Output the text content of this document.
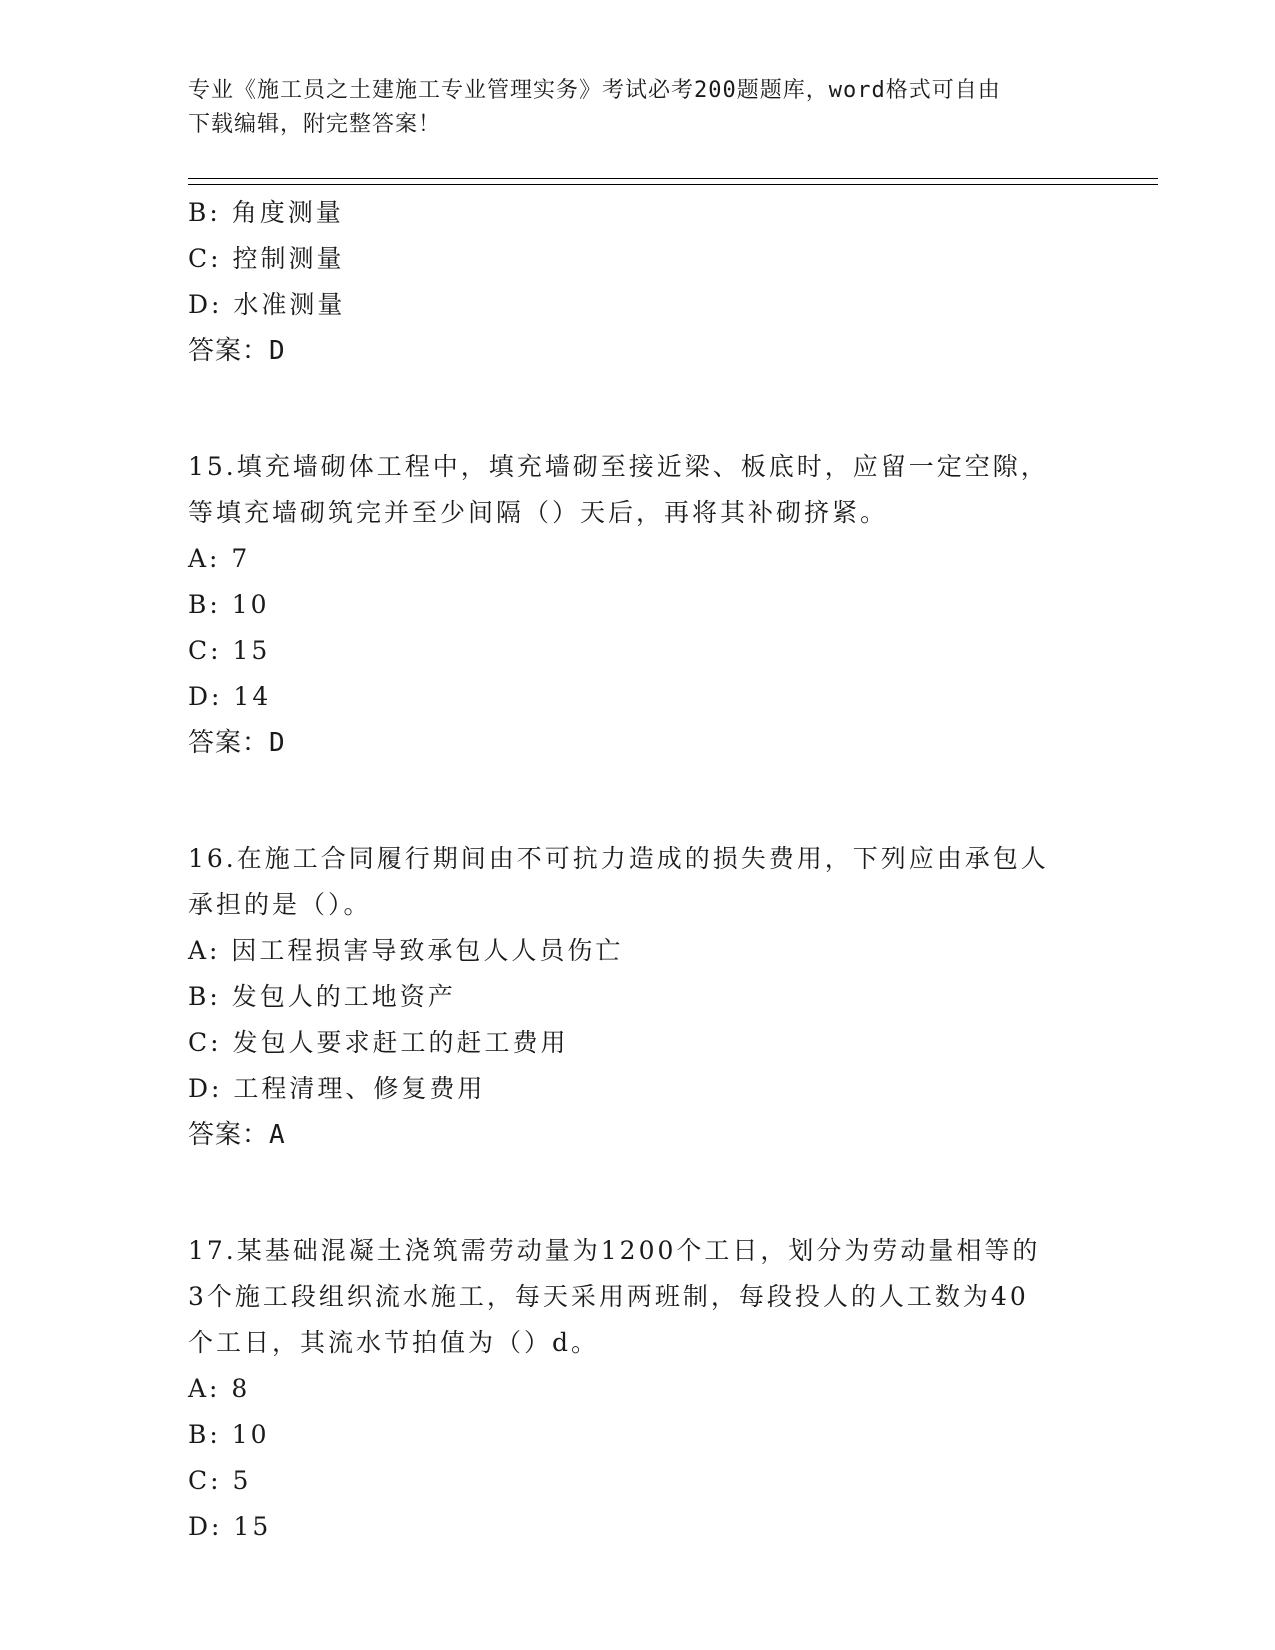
专业《施工员之土建施工专业管理实务》考试必考200题题库，word格式可自由
下载编辑，附完整答案！
B: 角度测量
C: 控制测量
D: 水准测量
答案：D
15.填充墙砌体工程中，填充墙砌至接近梁、板底时，应留一定空隙，
等填充墙砌筑完并至少间隔（）天后，再将其补砌挤紧。
A: 7
B: 10
C: 15
D: 14
答案：D
16.在施工合同履行期间由不可抗力造成的损失费用，下列应由承包人
承担的是（）。
A: 因工程损害导致承包人人员伤亡
B: 发包人的工地资产
C: 发包人要求赶工的赶工费用
D: 工程清理、修复费用
答案：A
17.某基础混凝土浇筑需劳动量为1200个工日，划分为劳动量相等的
3个施工段组织流水施工，每天采用两班制，每段投人的人工数为40
个工日，其流水节拍值为（）d。
A: 8
B: 10
C: 5
D: 15
